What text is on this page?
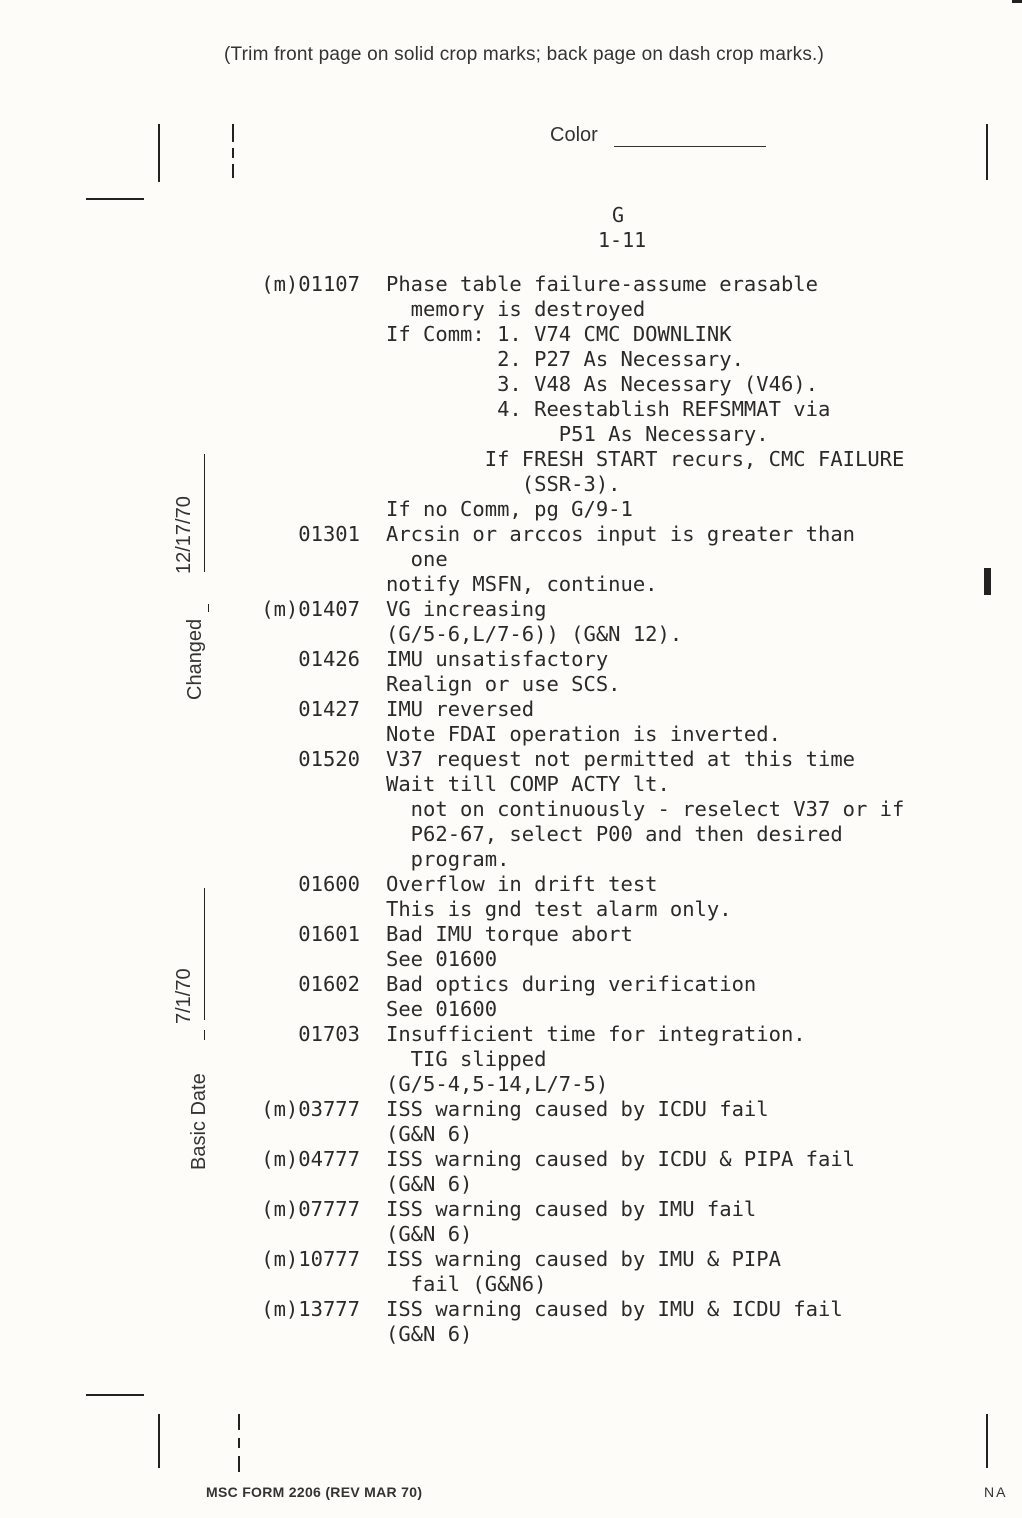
(Trim front page on solid crop marks; back page on dash crop marks.)
Color
G
1-11
Changed
12/17/70
Basic Date
7/1/70
(m)01107 Phase table failure-assume erasable
memory is destroyed
If Comm: 1. V74 CMC DOWNLINK
2. P27 As Necessary.
3. V48 As Necessary (V46).
4. Reestablish REFSMMAT via
P51 As Necessary.
If FRESH START recurs, CMC FAILURE
(SSR-3).
If no Comm, pg G/9-1
01301 Arcsin or arccos input is greater than
one
notify MSFN, continue.
(m)01407 VG increasing
(G/5-6,L/7-6)) (G&N 12).
01426 IMU unsatisfactory
Realign or use SCS.
01427 IMU reversed
Note FDAI operation is inverted.
01520 V37 request not permitted at this time
Wait till COMP ACTY lt.
not on continuously - reselect V37 or if
P62-67, select P00 and then desired
program.
01600 Overflow in drift test
This is gnd test alarm only.
01601 Bad IMU torque abort
See 01600
01602 Bad optics during verification
See 01600
01703 Insufficient time for integration.
TIG slipped
(G/5-4,5-14,L/7-5)
(m)03777 ISS warning caused by ICDU fail
(G&N 6)
(m)04777 ISS warning caused by ICDU & PIPA fail
(G&N 6)
(m)07777 ISS warning caused by IMU fail
(G&N 6)
(m)10777 ISS warning caused by IMU & PIPA
fail (G&N6)
(m)13777 ISS warning caused by IMU & ICDU fail
(G&N 6)
MSC FORM 2206 (REV MAR 70)	NA
